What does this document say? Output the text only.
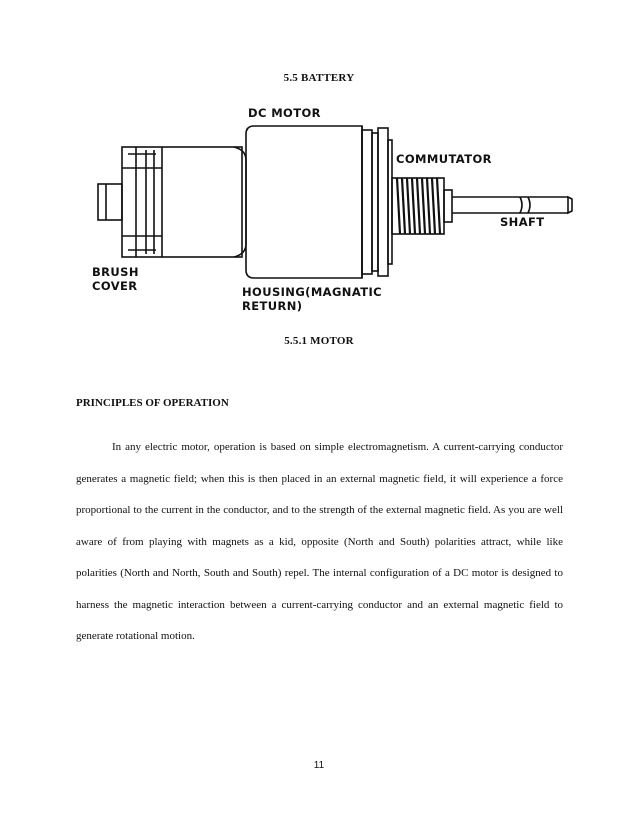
5.5 BATTERY
DC MOTOR
COMMUTATOR
SHAFT
BRUSH
COVER	HOUSING(MAGNATIC
RETURN)
5.5.1 MOTOR
PRINCIPLES OF OPERATION

In any electric motor, operation is based on simple electromagnetism. A current-carrying conductor generates a magnetic field; when this is then placed in an external magnetic field, it will experience a force proportional to the current in the conductor, and to the strength of the external magnetic field. As you are well aware of from playing with magnets as a kid, opposite (North and South) polarities attract, while like polarities (North and North, South and South) repel. The internal configuration of a DC motor is designed to harness the magnetic interaction between a current-carrying conductor and an external magnetic field to generate rotational motion.

11
